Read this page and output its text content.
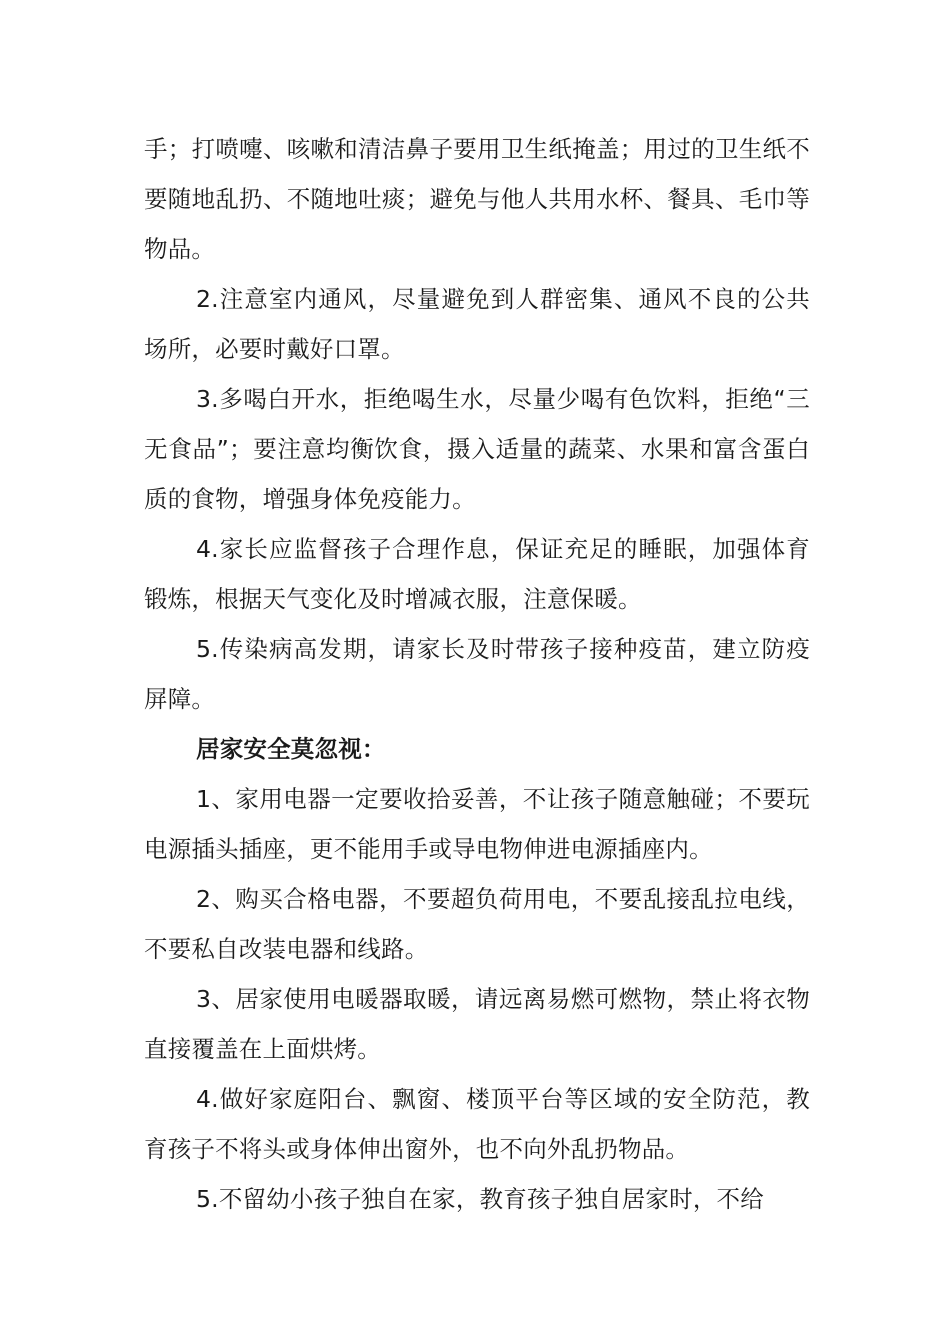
手；打喷嚏、咳嗽和清洁鼻子要用卫生纸掩盖；用过的卫生纸不要随地乱扔、不随地吐痰；避免与他人共用水杯、餐具、毛巾等物品。

2.注意室内通风，尽量避免到人群密集、通风不良的公共场所，必要时戴好口罩。

3.多喝白开水，拒绝喝生水，尽量少喝有色饮料，拒绝“三无食品”；要注意均衡饮食，摄入适量的蔬菜、水果和富含蛋白质的食物，增强身体免疫能力。

4.家长应监督孩子合理作息，保证充足的睡眠，加强体育锻炼，根据天气变化及时增减衣服，注意保暖。

5.传染病高发期，请家长及时带孩子接种疫苗，建立防疫屏障。

居家安全莫忽视：

1、家用电器一定要收拾妥善，不让孩子随意触碰；不要玩电源插头插座，更不能用手或导电物伸进电源插座内。

2、购买合格电器，不要超负荷用电，不要乱接乱拉电线，不要私自改装电器和线路。

3、居家使用电暖器取暖，请远离易燃可燃物，禁止将衣物直接覆盖在上面烘烤。

4.做好家庭阳台、飘窗、楼顶平台等区域的安全防范，教育孩子不将头或身体伸出窗外，也不向外乱扔物品。

5.不留幼小孩子独自在家，教育孩子独自居家时，不给
